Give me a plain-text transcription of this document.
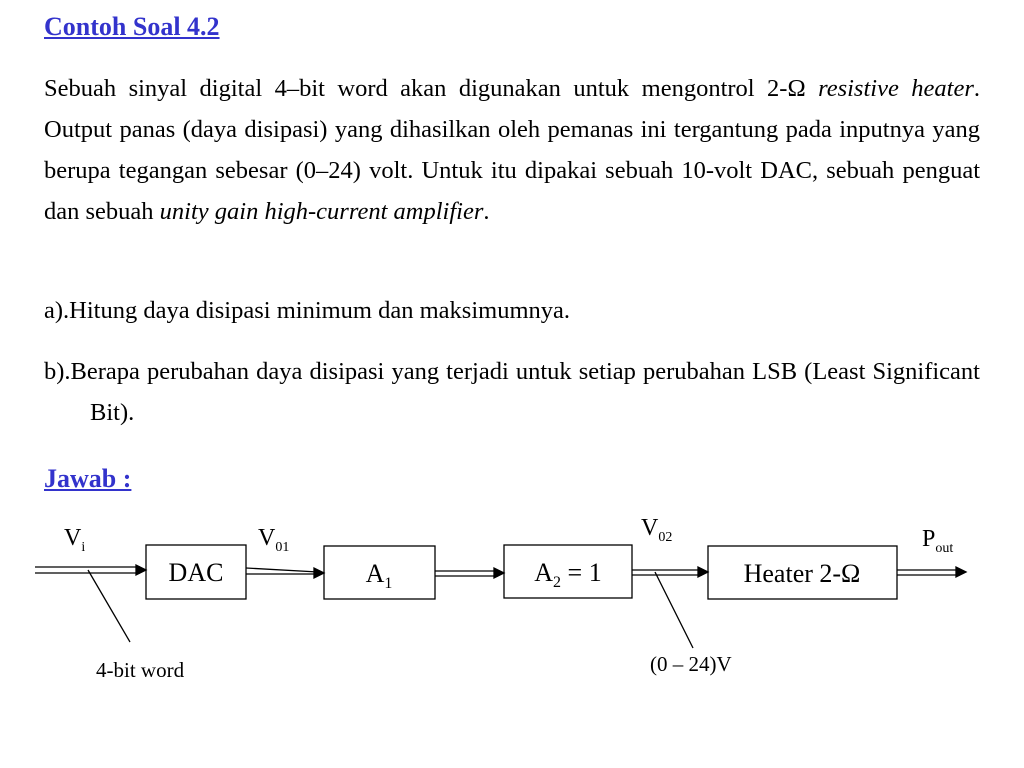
Contoh Soal 4.2

Sebuah sinyal digital 4–bit word akan digunakan untuk mengontrol 2-Ω resistive heater. Output panas (daya disipasi) yang dihasilkan oleh pemanas ini tergantung pada inputnya yang berupa tegangan sebesar (0–24) volt. Untuk itu dipakai sebuah 10-volt DAC, sebuah penguat dan sebuah unity gain high-current amplifier.

a).Hitung daya disipasi minimum dan maksimumnya.

b).Berapa perubahan daya disipasi yang terjadi untuk setiap perubahan LSB (Least Significant Bit).

Jawab :
$V_i$	$V_{01}$
$V_{02}$	$P_{out}$
DAC	$A_1$	$A_2 = 1$	Heater 2-Ω
4-bit word	(0 – 24)V
